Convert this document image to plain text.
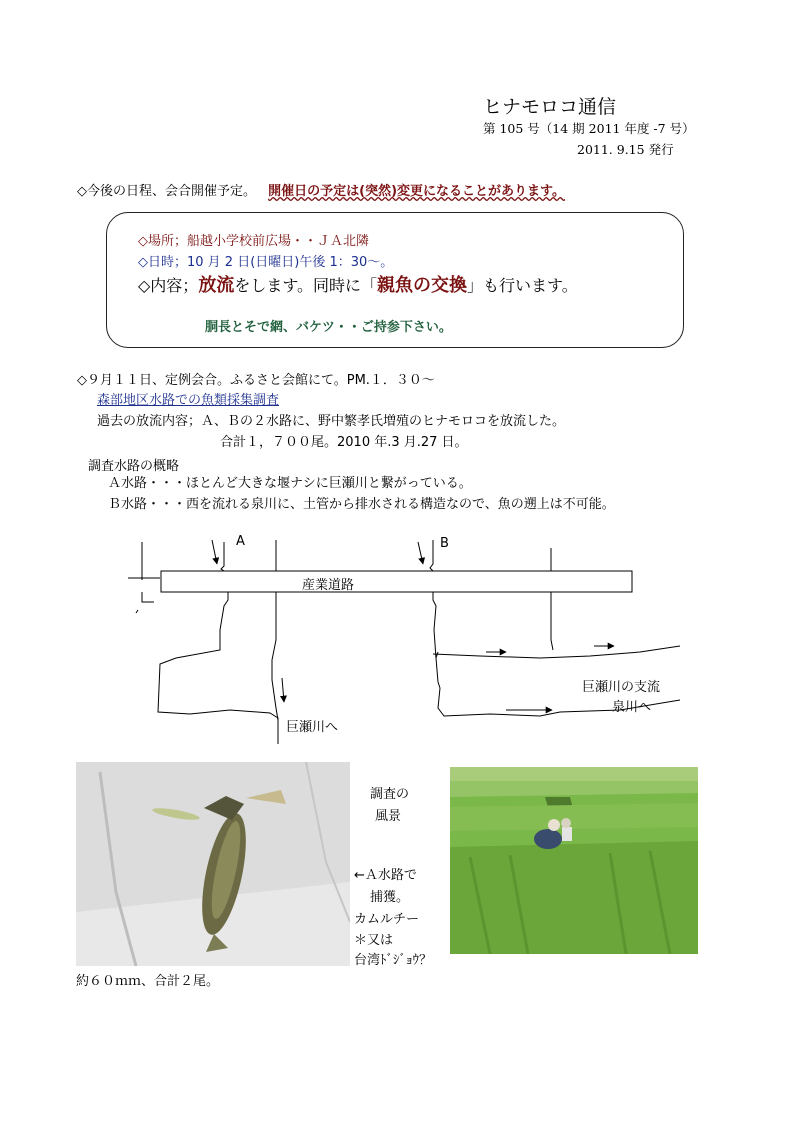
ヒナモロコ通信
第 105 号（14 期 2011 年度 -7 号）
2011. 9.15 発行
◇今後の日程、会合開催予定。 開催日の予定は(突然)変更になることがあります。
◇場所；船越小学校前広場・・ＪＡ北隣
◇日時；10 月 2 日(日曜日)午後 1：30～。
◇内容；放流をします。同時に「親魚の交換」も行います。
胴長とそで網、バケツ・・ご持参下さい。
◇９月１１日、定例会合。ふるさと会館にて。PM.１．３０～
森部地区水路での魚類採集調査
過去の放流内容；Ａ、Ｂの２水路に、野中繁孝氏増殖のヒナモロコを放流した。
合計１，７００尾。2010 年.3 月.27 日。
調査水路の概略
Ａ水路・・・ほとんど大きな堰ナシに巨瀬川と繋がっている。
Ｂ水路・・・西を流れる泉川に、土管から排水される構造なので、魚の遡上は不可能。
A	B
産業道路
巨瀬川へ
巨瀬川の支流
泉川へ
調査の
風景
←Ａ水路で
捕獲。
カムルチー
＊又は
台湾ﾄﾞｼﾞｮｳ？
約６０ｍｍ、合計２尾。
